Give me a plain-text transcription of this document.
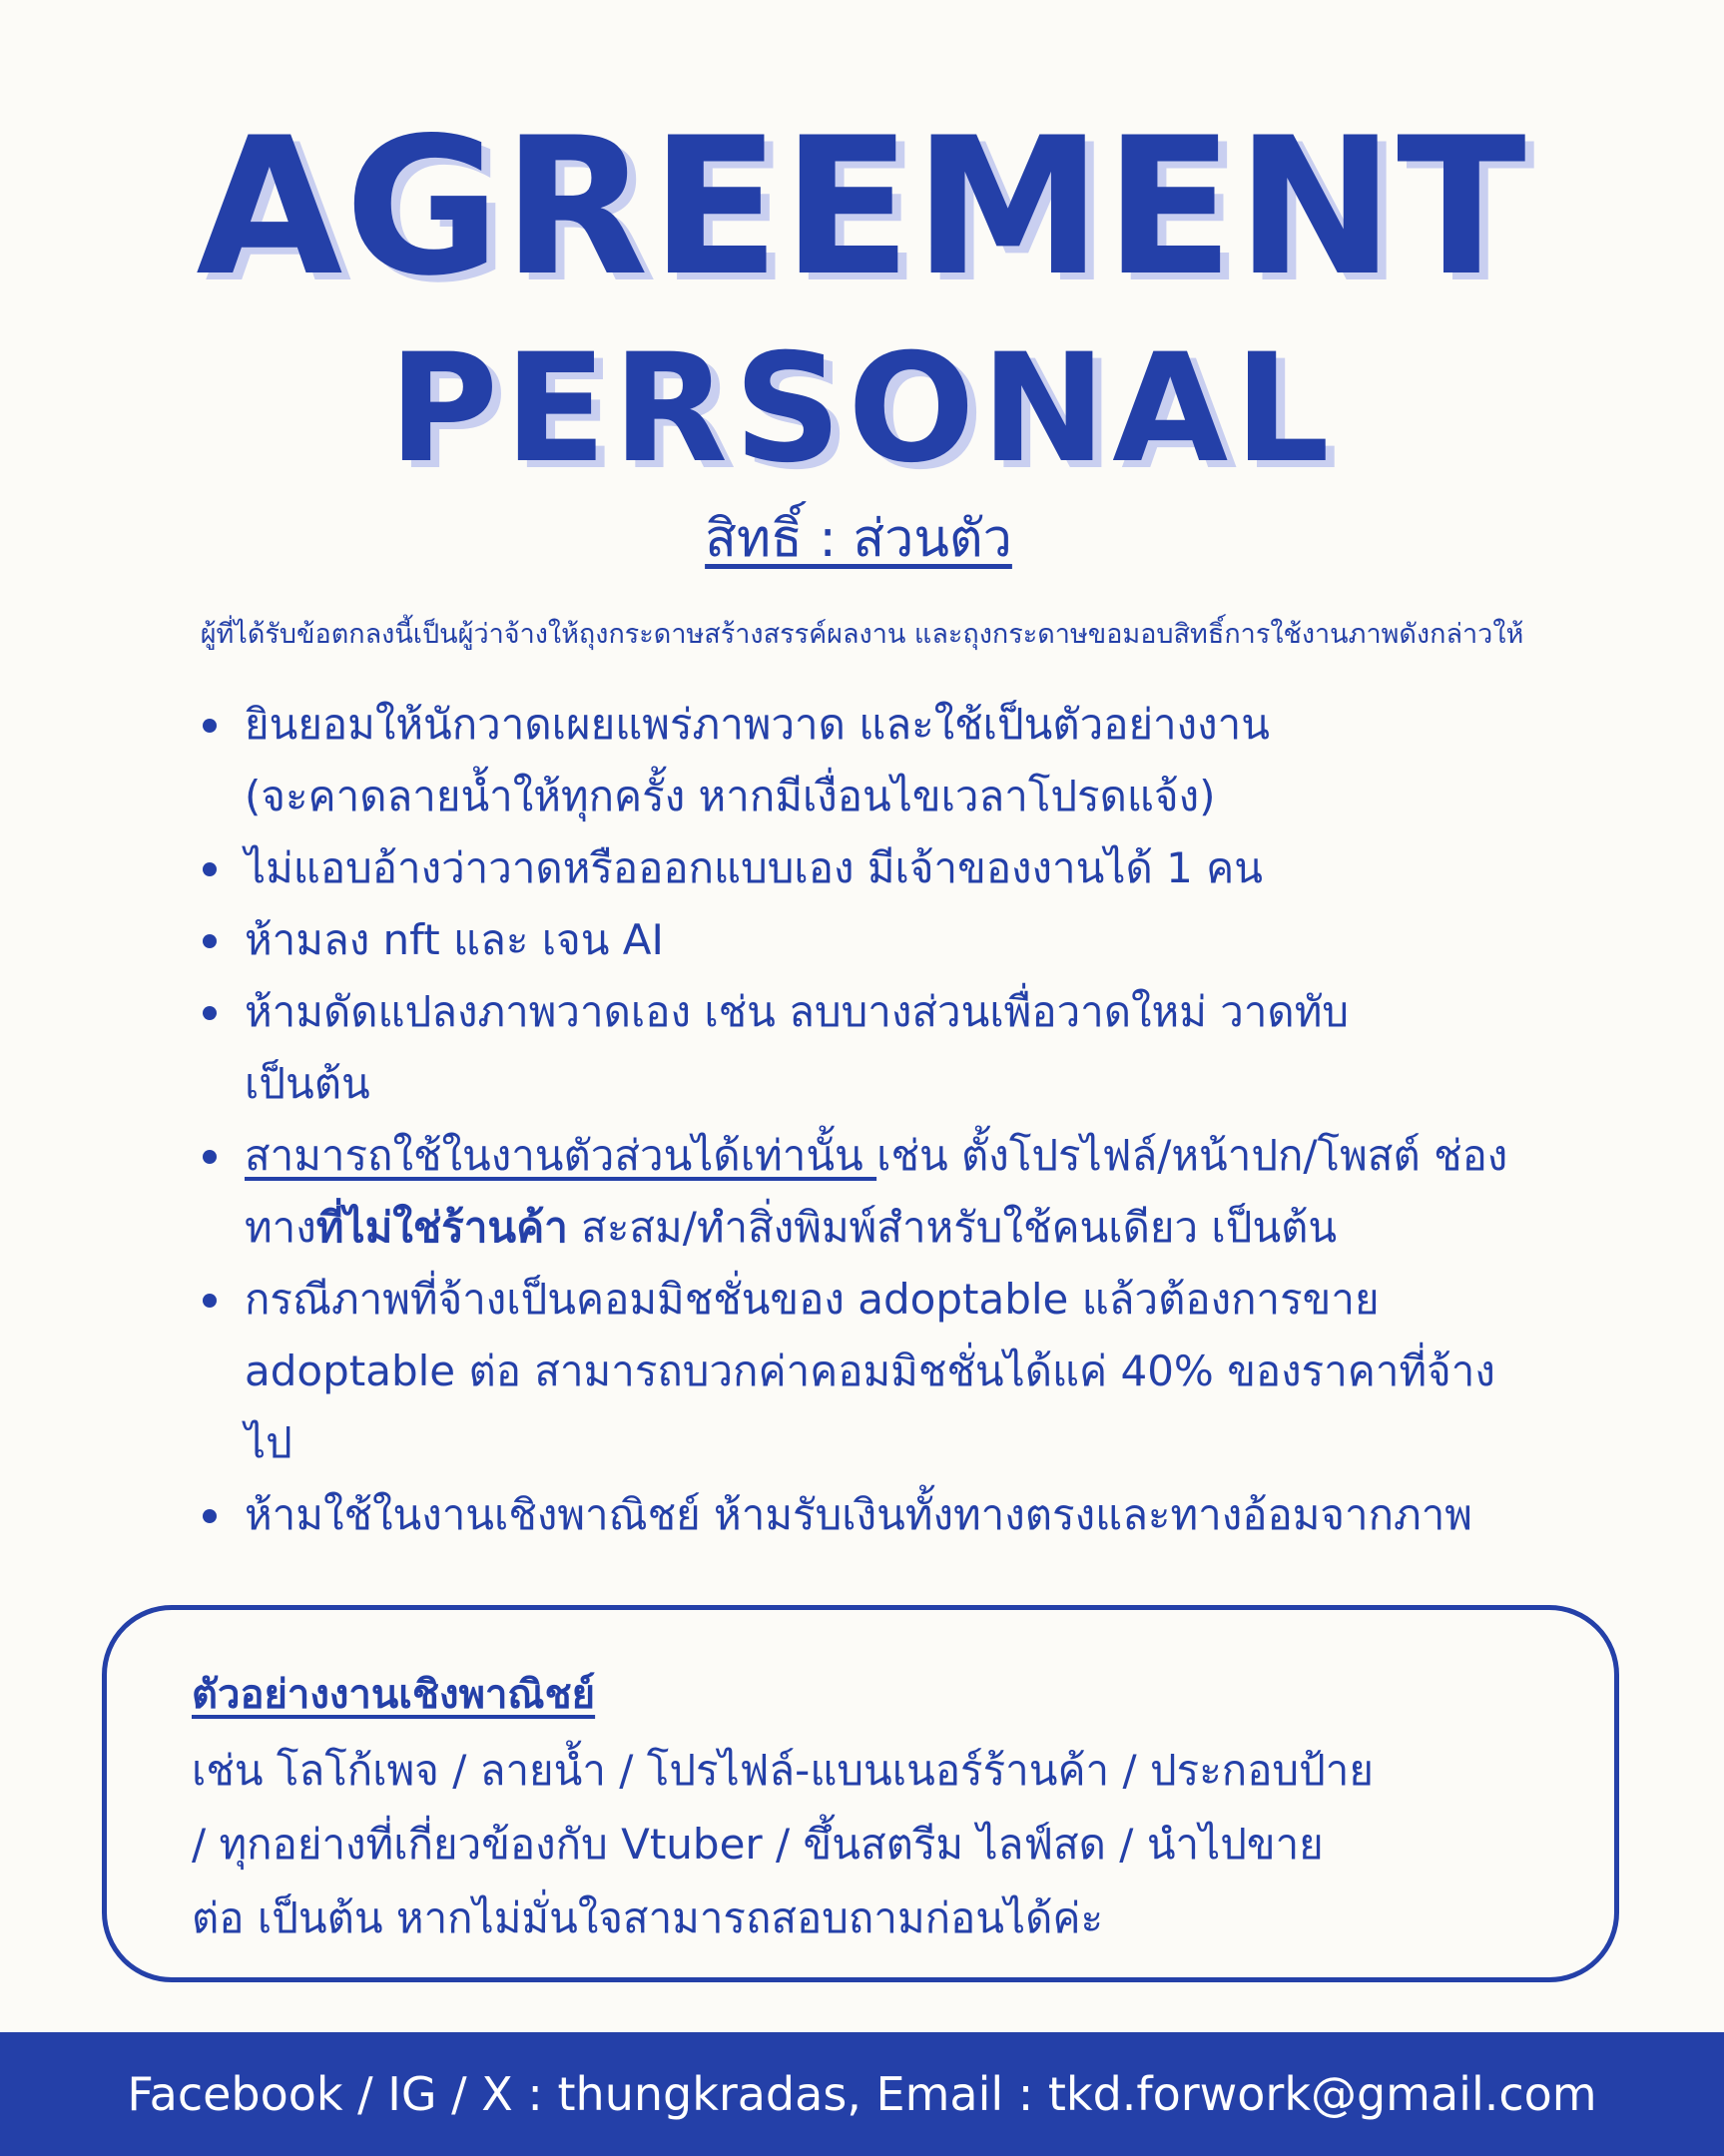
AGREEMENT
PERSONAL
สิทธิ์ : ส่วนตัว
ผู้ที่ได้รับข้อตกลงนี้เป็นผู้ว่าจ้างให้ถุงกระดาษสร้างสรรค์ผลงาน และถุงกระดาษขอมอบสิทธิ์การใช้งานภาพดังกล่าวให้
ยินยอมให้นักวาดเผยแพร่ภาพวาด และใช้เป็นตัวอย่างงาน
(จะคาดลายน้ำให้ทุกครั้ง หากมีเงื่อนไขเวลาโปรดแจ้ง)
ไม่แอบอ้างว่าวาดหรือออกแบบเอง มีเจ้าของงานได้ 1 คน
ห้ามลง nft และ เจน AI
ห้ามดัดแปลงภาพวาดเอง เช่น ลบบางส่วนเพื่อวาดใหม่ วาดทับ
เป็นต้น
สามารถใช้ในงานตัวส่วนได้เท่านั้น เช่น ตั้งโปรไฟล์/หน้าปก/โพสต์ ช่อง
ทางที่ไม่ใช่ร้านค้า สะสม/ทำสิ่งพิมพ์สำหรับใช้คนเดียว เป็นต้น
กรณีภาพที่จ้างเป็นคอมมิชชั่นของ adoptable แล้วต้องการขาย
adoptable ต่อ สามารถบวกค่าคอมมิชชั่นได้แค่ 40% ของราคาที่จ้าง
ไป
ห้ามใช้ในงานเชิงพาณิชย์ ห้ามรับเงินทั้งทางตรงและทางอ้อมจากภาพ
ตัวอย่างงานเชิงพาณิชย์
เช่น โลโก้เพจ / ลายน้ำ / โปรไฟล์-แบนเนอร์ร้านค้า / ประกอบป้าย
/ ทุกอย่างที่เกี่ยวข้องกับ Vtuber / ขึ้นสตรีม ไลฟ์สด / นำไปขาย
ต่อ เป็นต้น หากไม่มั่นใจสามารถสอบถามก่อนได้ค่ะ
Facebook / IG / X : thungkradas, Email : tkd.forwork@gmail.com
